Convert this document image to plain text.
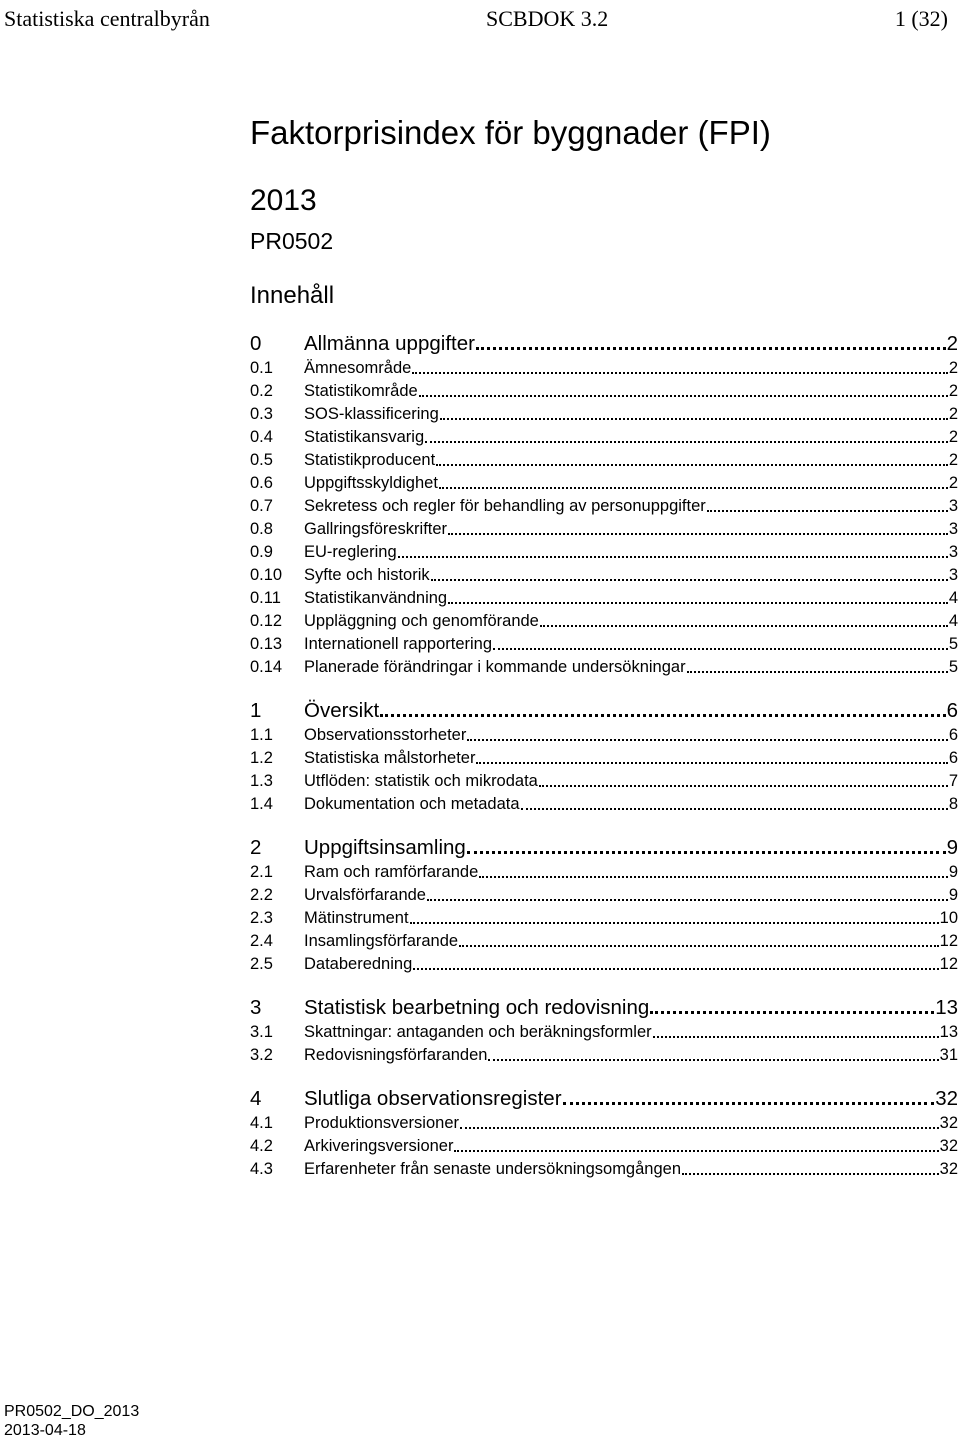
Statistiska centralbyrån	SCBDOK 3.2	1 (32)
Faktorprisindex för byggnader (FPI)
2013
PR0502
Innehåll
0	Allmänna uppgifter	2
0.1	Ämnesområde	2
0.2	Statistikområde	2
0.3	SOS-klassificering	2
0.4	Statistikansvarig	2
0.5	Statistikproducent	2
0.6	Uppgiftsskyldighet	2
0.7	Sekretess och regler för behandling av personuppgifter	3
0.8	Gallringsföreskrifter	3
0.9	EU-reglering	3
0.10	Syfte och historik	3
0.11	Statistikanvändning	4
0.12	Uppläggning och genomförande	4
0.13	Internationell rapportering	5
0.14	Planerade förändringar i kommande undersökningar	5
1	Översikt	6
1.1	Observationsstorheter	6
1.2	Statistiska målstorheter	6
1.3	Utflöden: statistik och mikrodata	7
1.4	Dokumentation och metadata	8
2	Uppgiftsinsamling	9
2.1	Ram och ramförfarande	9
2.2	Urvalsförfarande	9
2.3	Mätinstrument	10
2.4	Insamlingsförfarande	12
2.5	Databeredning	12
3	Statistisk bearbetning och redovisning	13
3.1	Skattningar: antaganden och beräkningsformler	13
3.2	Redovisningsförfaranden	31
4	Slutliga observationsregister	32
4.1	Produktionsversioner	32
4.2	Arkiveringsversioner	32
4.3	Erfarenheter från senaste undersökningsomgången	32
PR0502_DO_2013
2013-04-18
